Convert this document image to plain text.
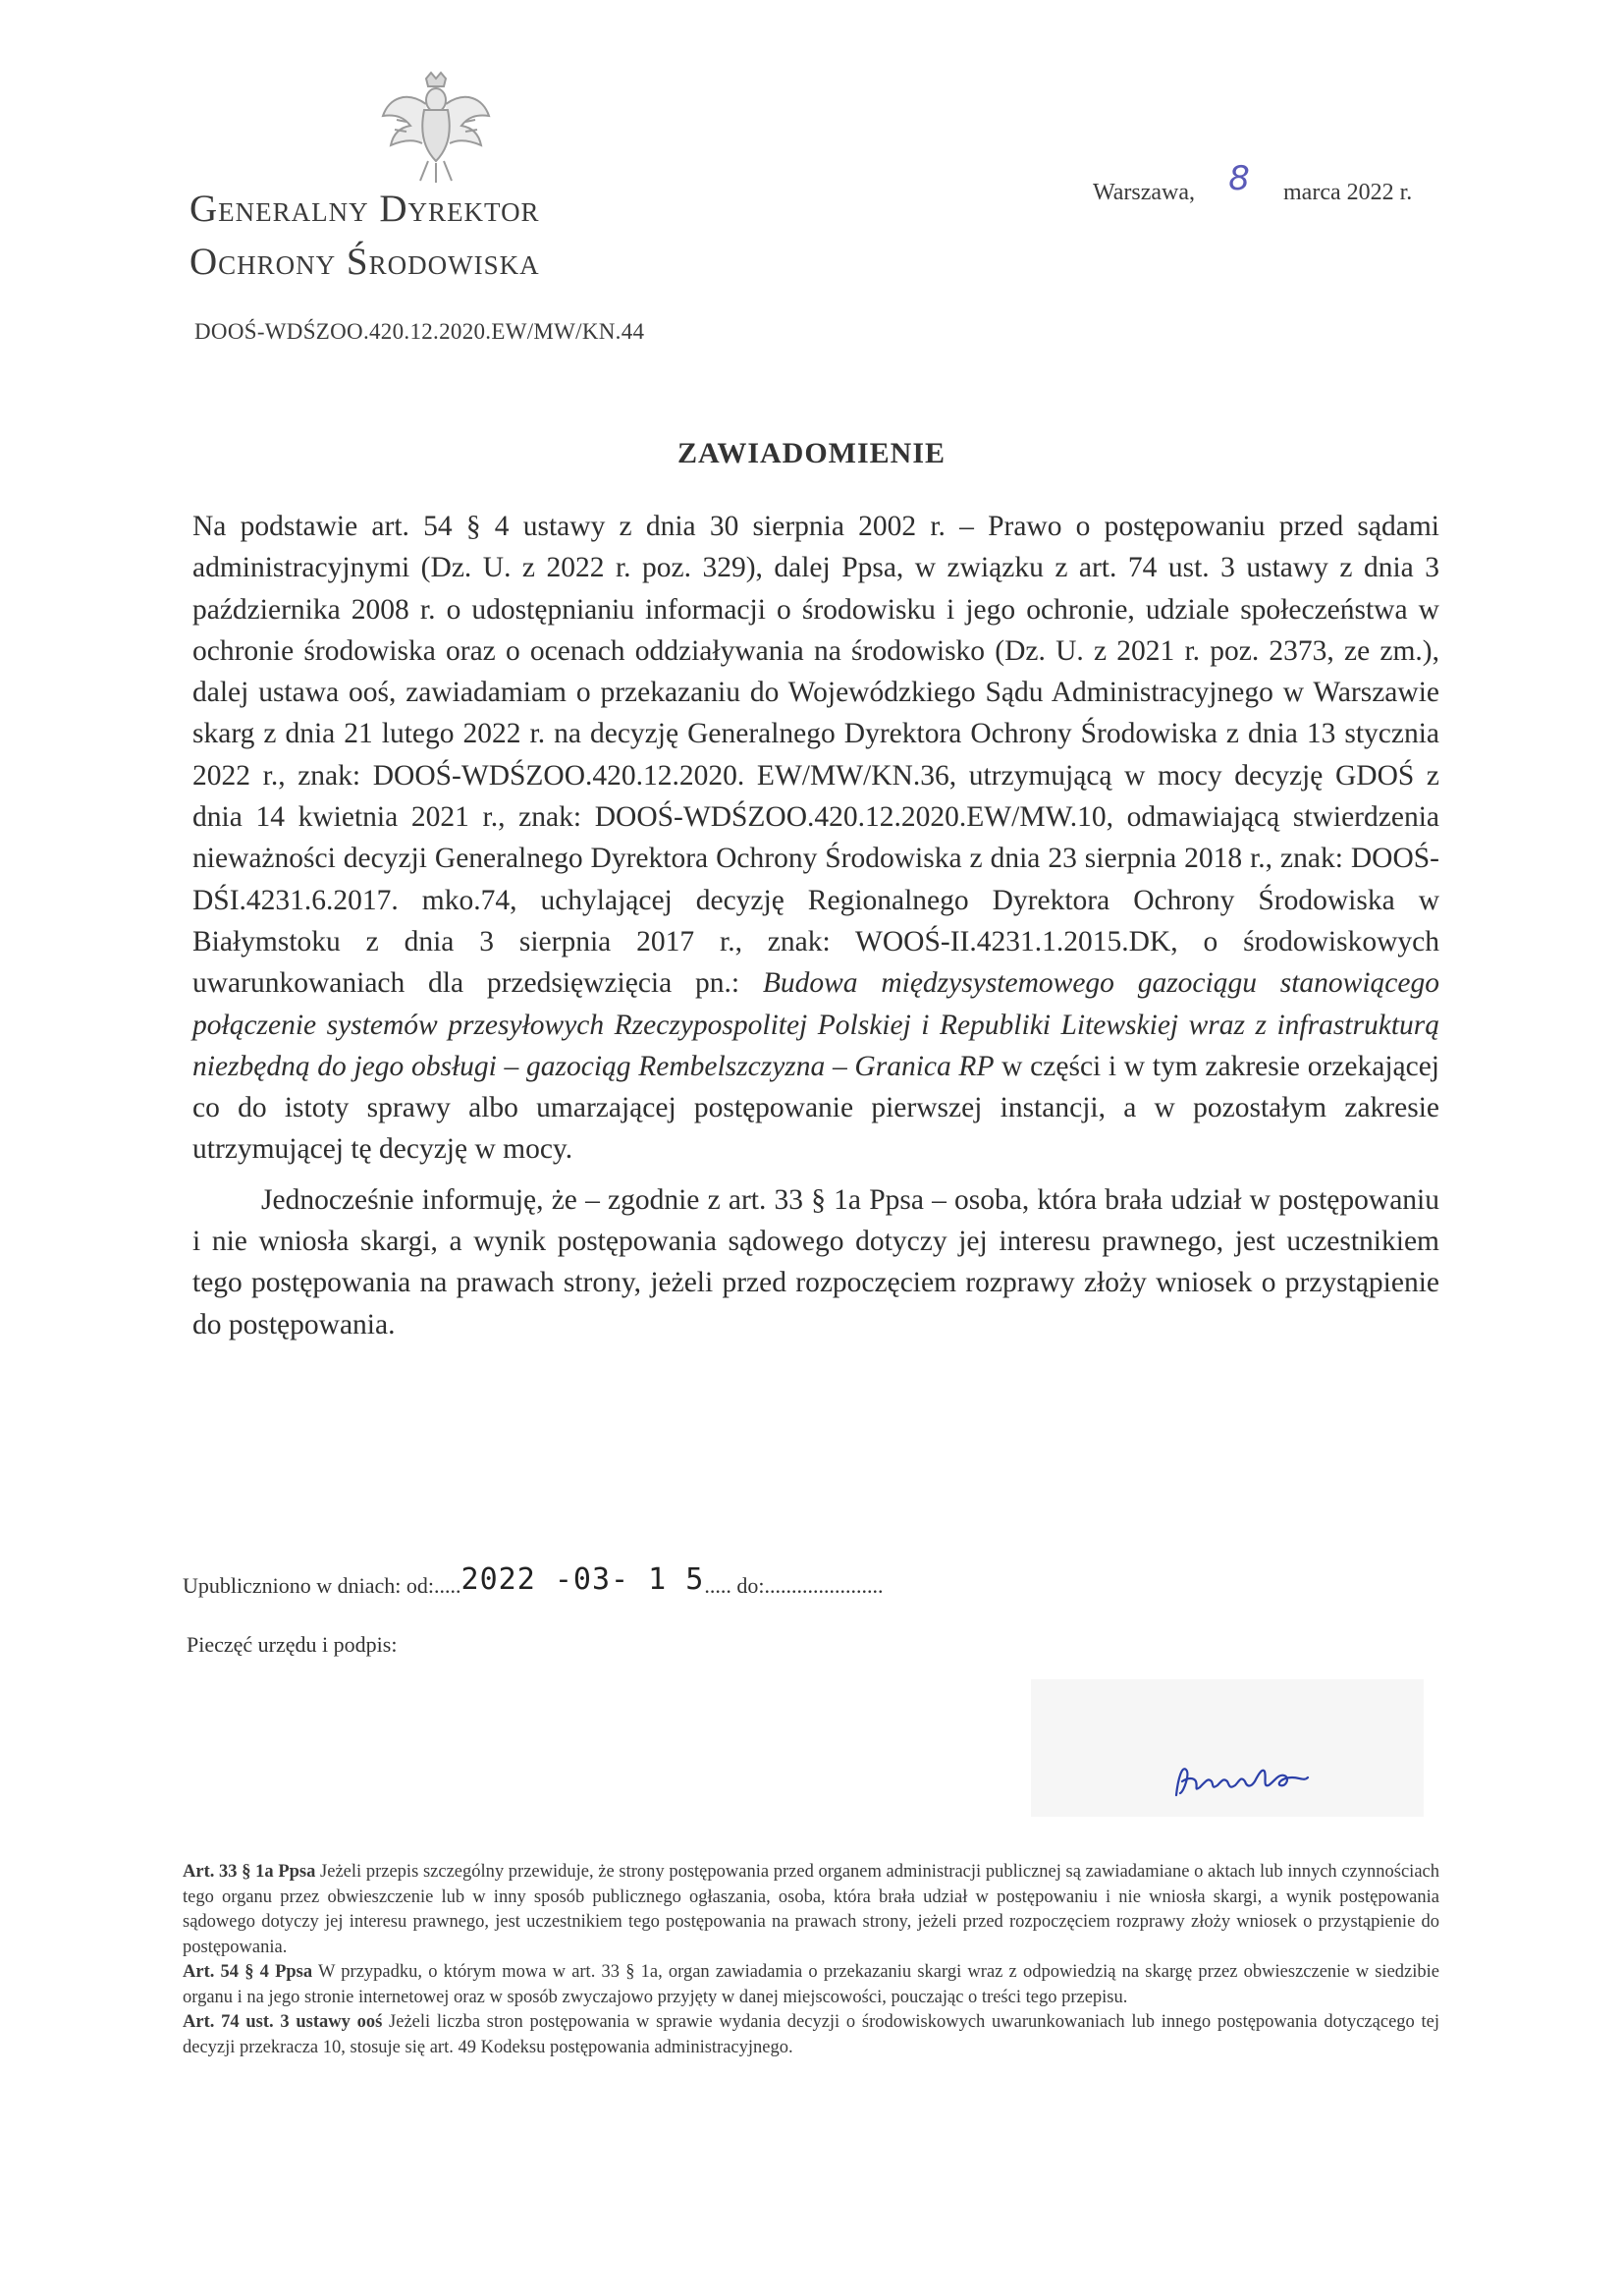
Generalny Dyrektor
Ochrony Środowiska
DOOŚ-WDŚZOO.420.12.2020.EW/MW/KN.44
Warszawa, 8 marca 2022 r.
ZAWIADOMIENIE

Na podstawie art. 54 § 4 ustawy z dnia 30 sierpnia 2002 r. – Prawo o postępowaniu przed sądami administracyjnymi (Dz. U. z 2022 r. poz. 329), dalej Ppsa, w związku z art. 74 ust. 3 ustawy z dnia 3 października 2008 r. o udostępnianiu informacji o środowisku i jego ochronie, udziale społeczeństwa w ochronie środowiska oraz o ocenach oddziaływania na środowisko (Dz. U. z 2021 r. poz. 2373, ze zm.), dalej ustawa ooś, zawiadamiam o przekazaniu do Wojewódzkiego Sądu Administracyjnego w Warszawie skarg z dnia 21 lutego 2022 r. na decyzję Generalnego Dyrektora Ochrony Środowiska z dnia 13 stycznia 2022 r., znak: DOOŚ-WDŚZOO.420.12.2020. EW/MW/KN.36, utrzymującą w mocy decyzję GDOŚ z dnia 14 kwietnia 2021 r., znak: DOOŚ-WDŚZOO.420.12.2020.EW/MW.10, odmawiającą stwierdzenia nieważności decyzji Generalnego Dyrektora Ochrony Środowiska z dnia 23 sierpnia 2018 r., znak: DOOŚ-DŚI.4231.6.2017. mko.74, uchylającej decyzję Regionalnego Dyrektora Ochrony Środowiska w Białymstoku z dnia 3 sierpnia 2017 r., znak: WOOŚ-II.4231.1.2015.DK, o środowiskowych uwarunkowaniach dla przedsięwzięcia pn.: Budowa międzysystemowego gazociągu stanowiącego połączenie systemów przesyłowych Rzeczypospolitej Polskiej i Republiki Litewskiej wraz z infrastrukturą niezbędną do jego obsługi – gazociąg Rembelszczyzna – Granica RP w części i w tym zakresie orzekającej co do istoty sprawy albo umarzającej postępowanie pierwszej instancji, a w pozostałym zakresie utrzymującej tę decyzję w mocy.

Jednocześnie informuję, że – zgodnie z art. 33 § 1a Ppsa – osoba, która brała udział w postępowaniu i nie wniosła skargi, a wynik postępowania sądowego dotyczy jej interesu prawnego, jest uczestnikiem tego postępowania na prawach strony, jeżeli przed rozpoczęciem rozprawy złoży wniosek o przystąpienie do postępowania.

Upubliczniono w dniach: od:.....2022 -03- 1 5..... do:......................
Pieczęć urzędu i podpis:

Art. 33 § 1a Ppsa Jeżeli przepis szczególny przewiduje, że strony postępowania przed organem administracji publicznej są zawiadamiane o aktach lub innych czynnościach tego organu przez obwieszczenie lub w inny sposób publicznego ogłaszania, osoba, która brała udział w postępowaniu i nie wniosła skargi, a wynik postępowania sądowego dotyczy jej interesu prawnego, jest uczestnikiem tego postępowania na prawach strony, jeżeli przed rozpoczęciem rozprawy złoży wniosek o przystąpienie do postępowania.

Art. 54 § 4 Ppsa W przypadku, o którym mowa w art. 33 § 1a, organ zawiadamia o przekazaniu skargi wraz z odpowiedzią na skargę przez obwieszczenie w siedzibie organu i na jego stronie internetowej oraz w sposób zwyczajowo przyjęty w danej miejscowości, pouczając o treści tego przepisu.

Art. 74 ust. 3 ustawy ooś Jeżeli liczba stron postępowania w sprawie wydania decyzji o środowiskowych uwarunkowaniach lub innego postępowania dotyczącego tej decyzji przekracza 10, stosuje się art. 49 Kodeksu postępowania administracyjnego.
